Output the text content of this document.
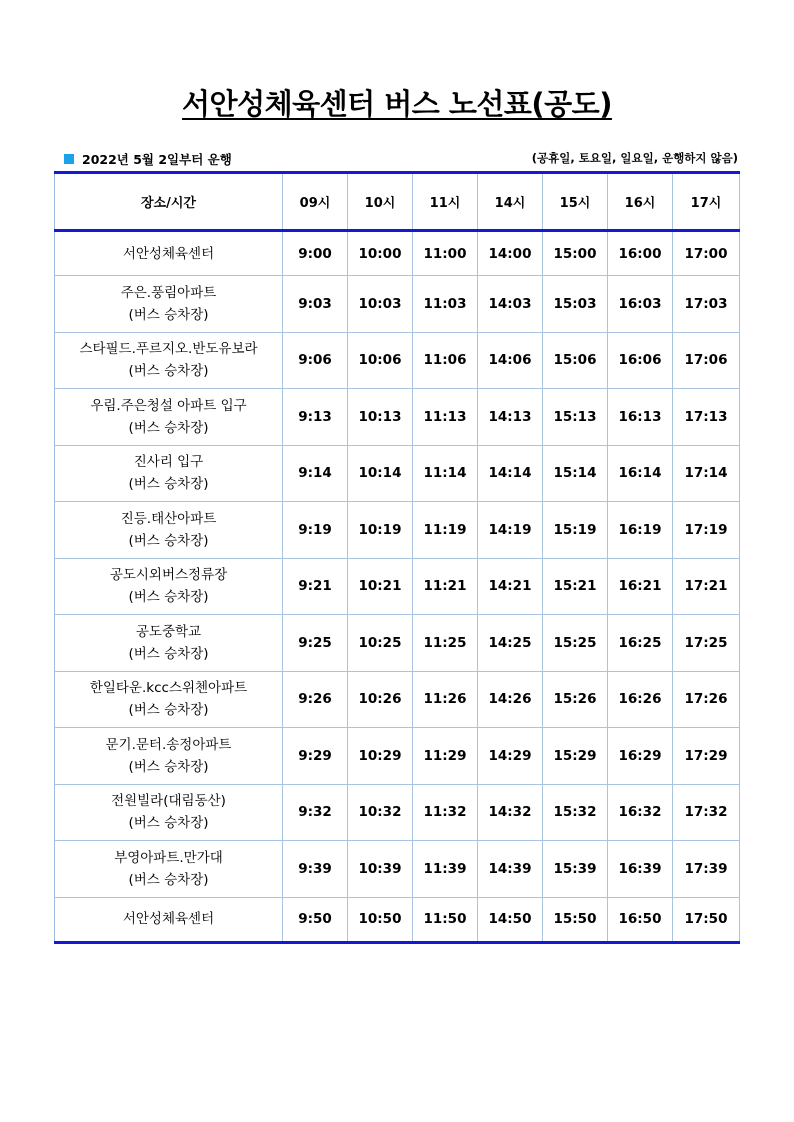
서안성체육센터 버스 노선표(공도)
2022년 5월 2일부터 운행	(공휴일, 토요일, 일요일, 운행하지 않음)
장소/시간	09시	10시	11시	14시	15시	16시	17시

서안성체육센터	9:00	10:00	11:00	14:00	15:00	16:00	17:00

주은.풍림아파트
(버스 승차장)	9:03	10:03	11:03	14:03	15:03	16:03	17:03

스타필드.푸르지오.반도유보라
(버스 승차장)	9:06	10:06	11:06	14:06	15:06	16:06	17:06

우림.주은청설 아파트 입구
(버스 승차장)	9:13	10:13	11:13	14:13	15:13	16:13	17:13

진사리 입구
(버스 승차장)	9:14	10:14	11:14	14:14	15:14	16:14	17:14

진등.태산아파트
(버스 승차장)	9:19	10:19	11:19	14:19	15:19	16:19	17:19

공도시외버스정류장
(버스 승차장)	9:21	10:21	11:21	14:21	15:21	16:21	17:21

공도중학교
(버스 승차장)	9:25	10:25	11:25	14:25	15:25	16:25	17:25

한일타운.kcc스위첸아파트
(버스 승차장)	9:26	10:26	11:26	14:26	15:26	16:26	17:26

문기.문터.송정아파트
(버스 승차장)	9:29	10:29	11:29	14:29	15:29	16:29	17:29

전원빌라(대림동산)
(버스 승차장)	9:32	10:32	11:32	14:32	15:32	16:32	17:32

부영아파트.만가대
(버스 승차장)	9:39	10:39	11:39	14:39	15:39	16:39	17:39

서안성체육센터	9:50	10:50	11:50	14:50	15:50	16:50	17:50
